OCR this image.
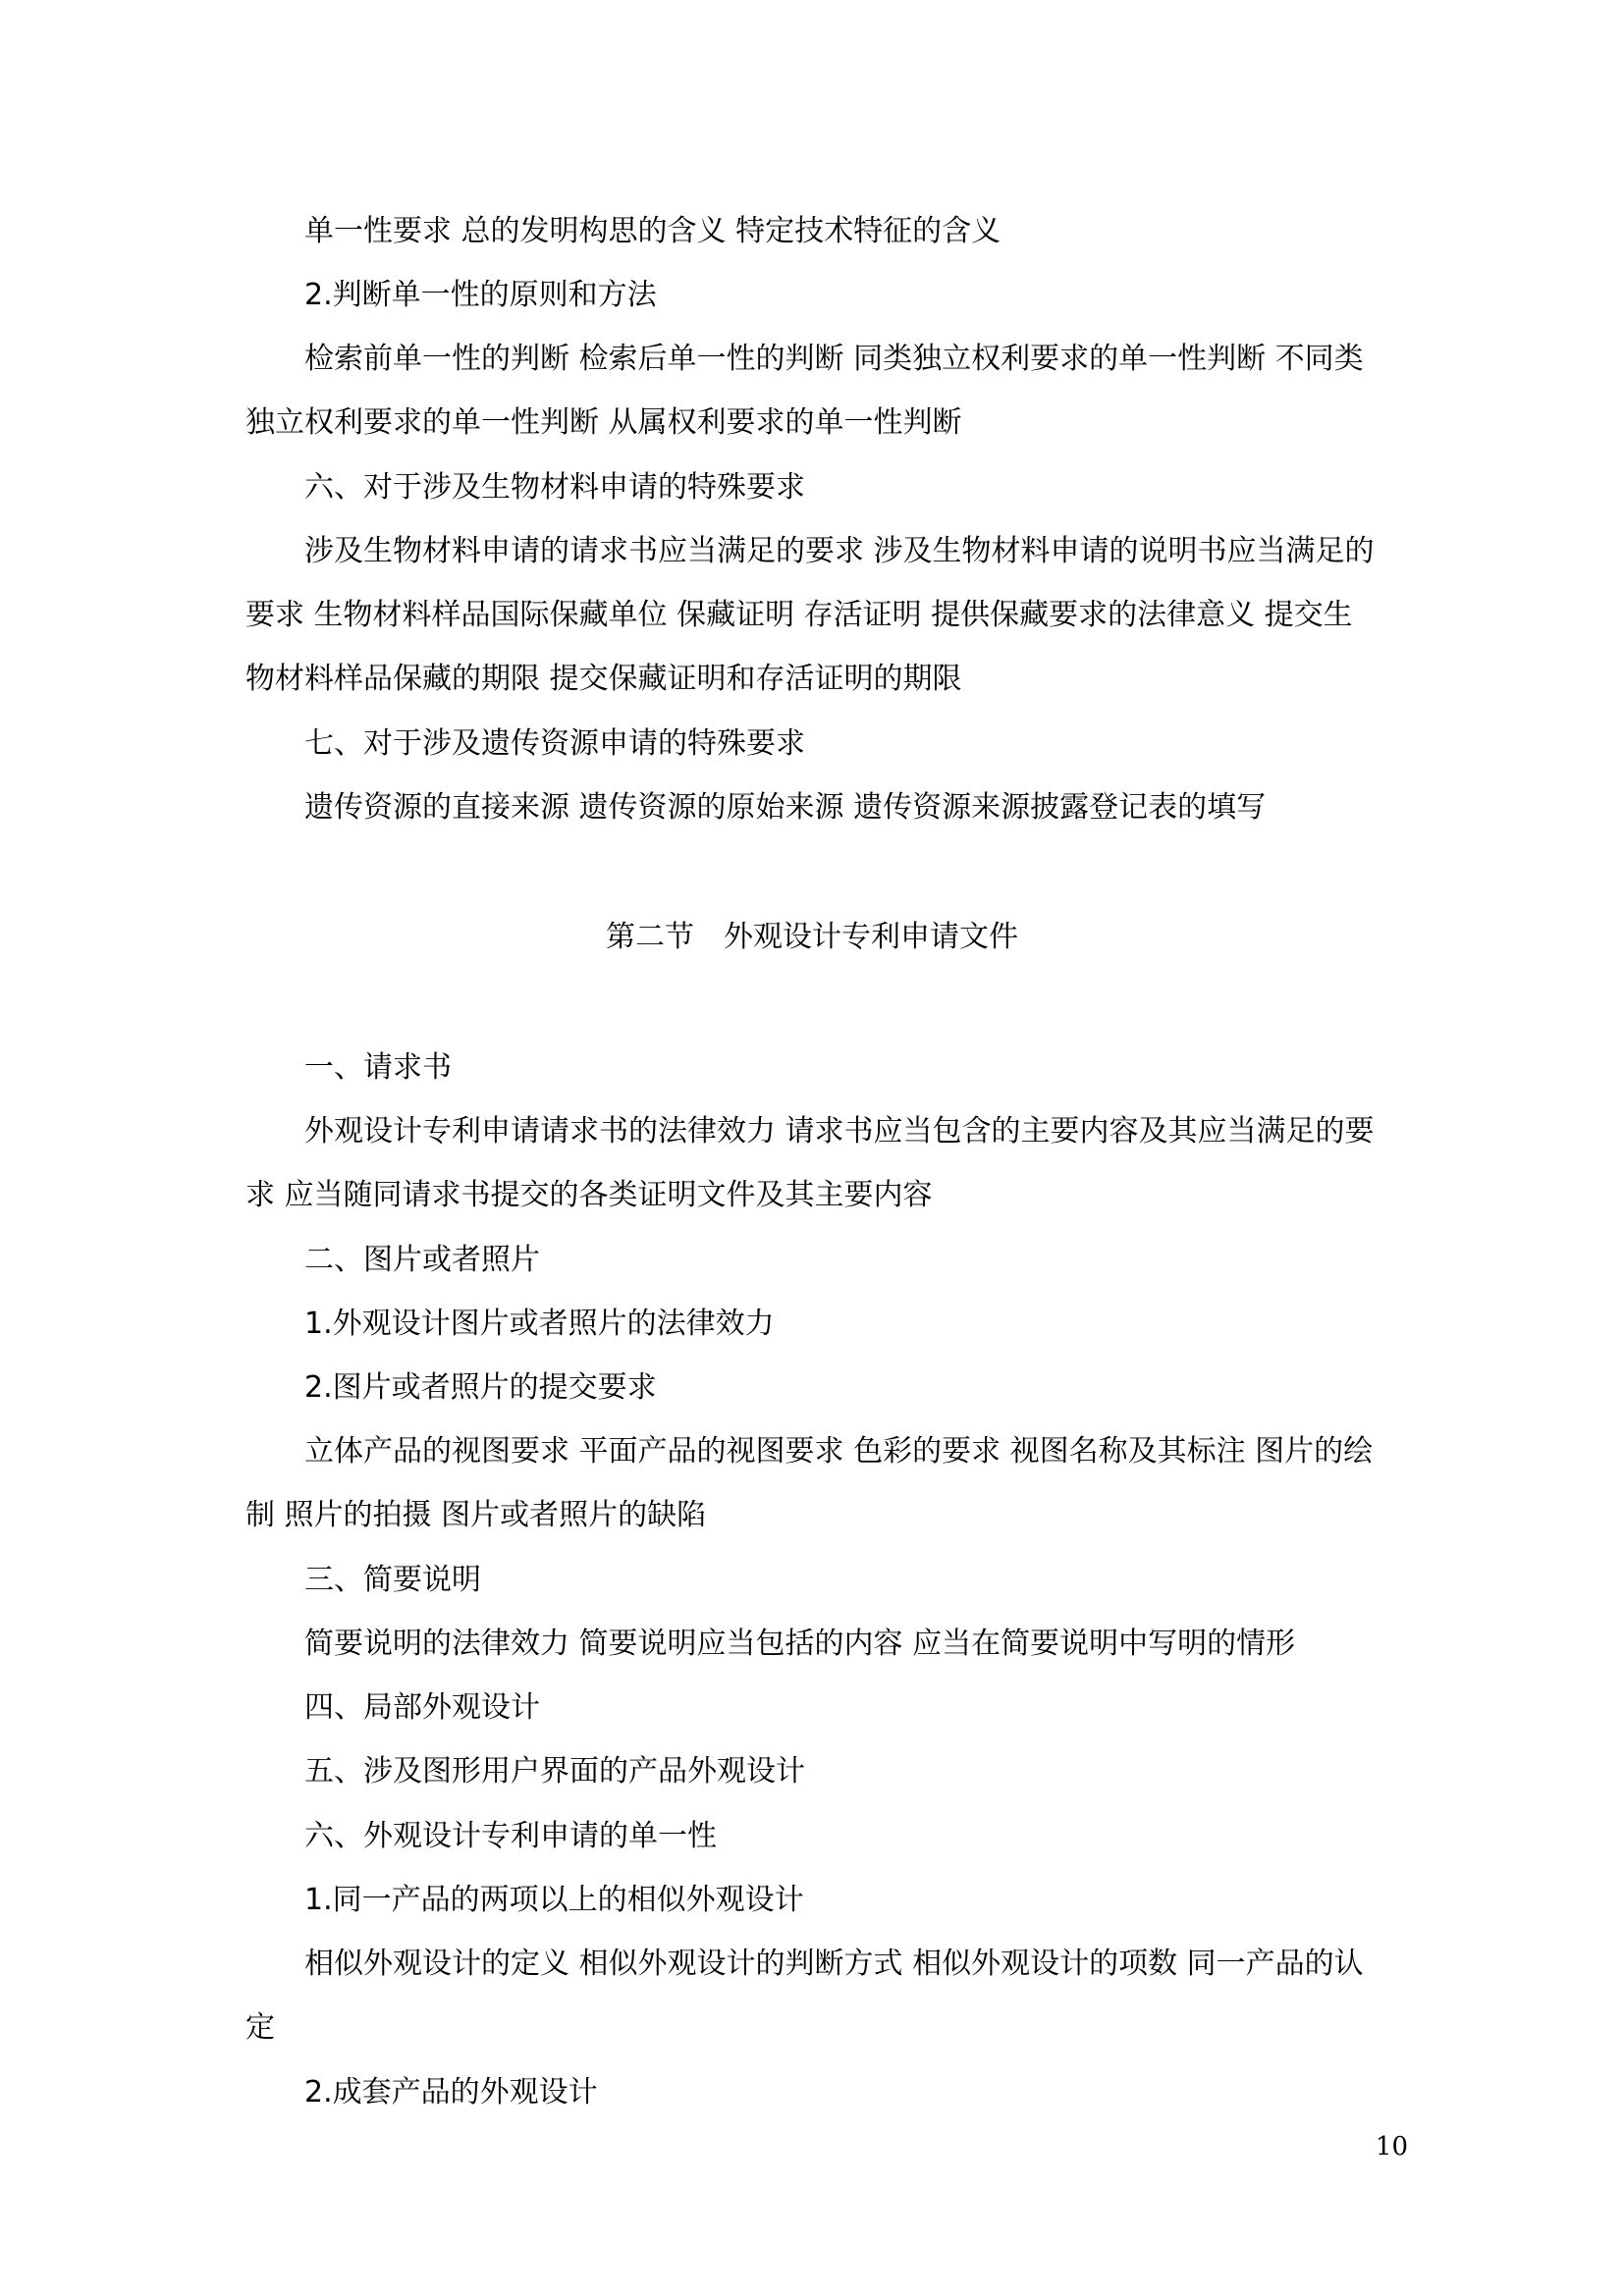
单一性要求 总的发明构思的含义 特定技术特征的含义
2.判断单一性的原则和方法
检索前单一性的判断 检索后单一性的判断 同类独立权利要求的单一性判断 不同类
独立权利要求的单一性判断 从属权利要求的单一性判断
六、对于涉及生物材料申请的特殊要求
涉及生物材料申请的请求书应当满足的要求 涉及生物材料申请的说明书应当满足的
要求 生物材料样品国际保藏单位 保藏证明 存活证明 提供保藏要求的法律意义 提交生
物材料样品保藏的期限 提交保藏证明和存活证明的期限
七、对于涉及遗传资源申请的特殊要求
遗传资源的直接来源 遗传资源的原始来源 遗传资源来源披露登记表的填写
第二节　外观设计专利申请文件
一、请求书
外观设计专利申请请求书的法律效力 请求书应当包含的主要内容及其应当满足的要
求 应当随同请求书提交的各类证明文件及其主要内容
二、图片或者照片
1.外观设计图片或者照片的法律效力
2.图片或者照片的提交要求
立体产品的视图要求 平面产品的视图要求 色彩的要求 视图名称及其标注 图片的绘
制 照片的拍摄 图片或者照片的缺陷
三、简要说明
简要说明的法律效力 简要说明应当包括的内容 应当在简要说明中写明的情形
四、局部外观设计
五、涉及图形用户界面的产品外观设计
六、外观设计专利申请的单一性
1.同一产品的两项以上的相似外观设计
相似外观设计的定义 相似外观设计的判断方式 相似外观设计的项数 同一产品的认
定
2.成套产品的外观设计
10
